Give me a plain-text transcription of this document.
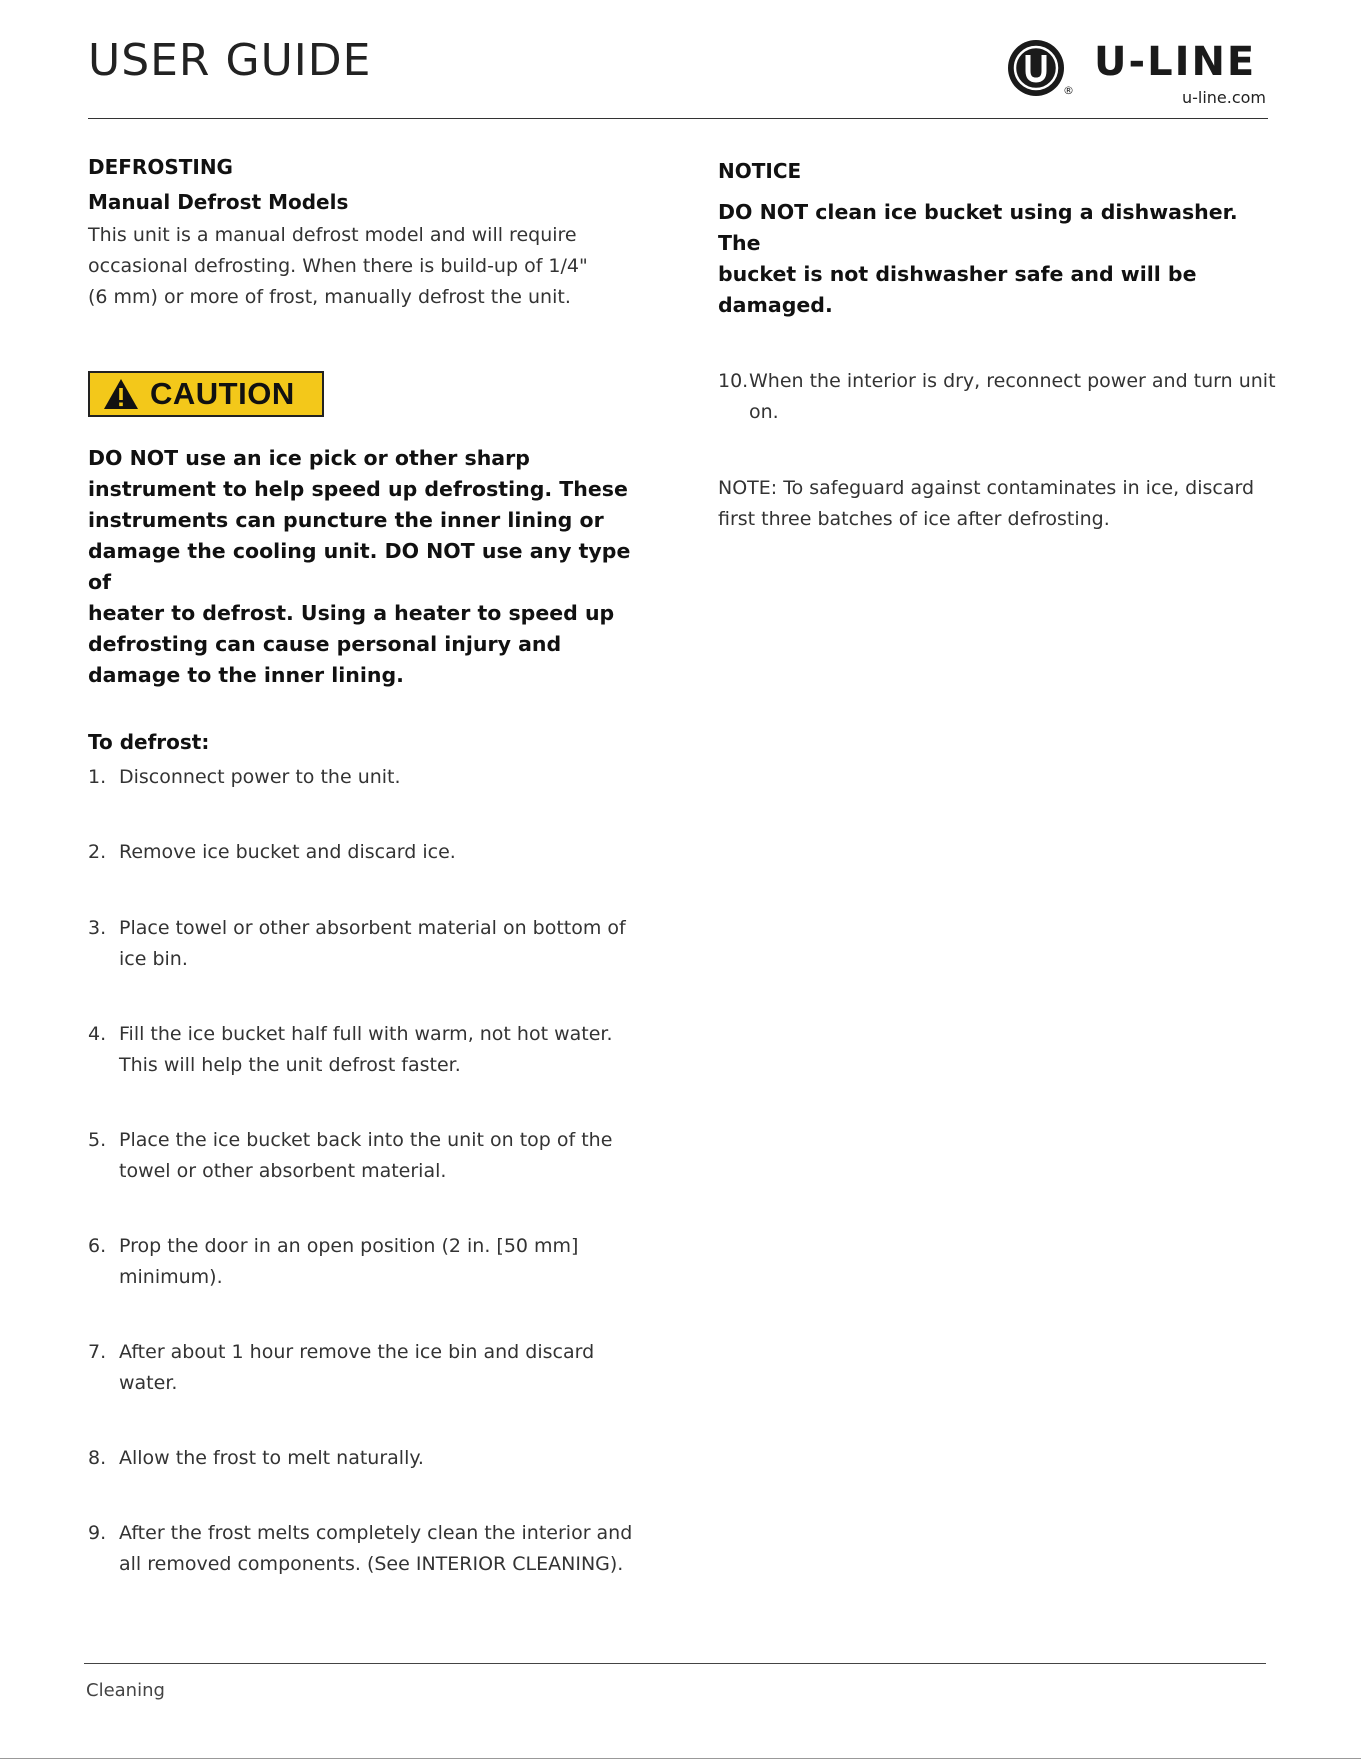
USER GUIDE
®
U-LINE
u-line.com

DEFROSTING

Manual Defrost Models

This unit is a manual defrost model and will require

occasional defrosting. When there is build-up of 1/4"

(6 mm) or more of frost, manually defrost the unit.

CAUTION

DO NOT use an ice pick or other sharp

instrument to help speed up defrosting. These

instruments can puncture the inner lining or

damage the cooling unit. DO NOT use any type of

heater to defrost. Using a heater to speed up

defrosting can cause personal injury and

damage to the inner lining.

To defrost:

1. Disconnect power to the unit.
2. Remove ice bucket and discard ice.
3. Place towel or other absorbent material on bottom of
ice bin.
4. Fill the ice bucket half full with warm, not hot water.
This will help the unit defrost faster.
5. Place the ice bucket back into the unit on top of the
towel or other absorbent material.
6. Prop the door in an open position (2 in. [50 mm]
minimum).
7. After about 1 hour remove the ice bin and discard
water.
8. Allow the frost to melt naturally.
9. After the frost melts completely clean the interior and
all removed components. (See INTERIOR CLEANING).

NOTICE

DO NOT clean ice bucket using a dishwasher. The

bucket is not dishwasher safe and will be

damaged.

10. When the interior is dry, reconnect power and turn unit
on.

NOTE: To safeguard against contaminates in ice, discard

first three batches of ice after defrosting.

Cleaning
